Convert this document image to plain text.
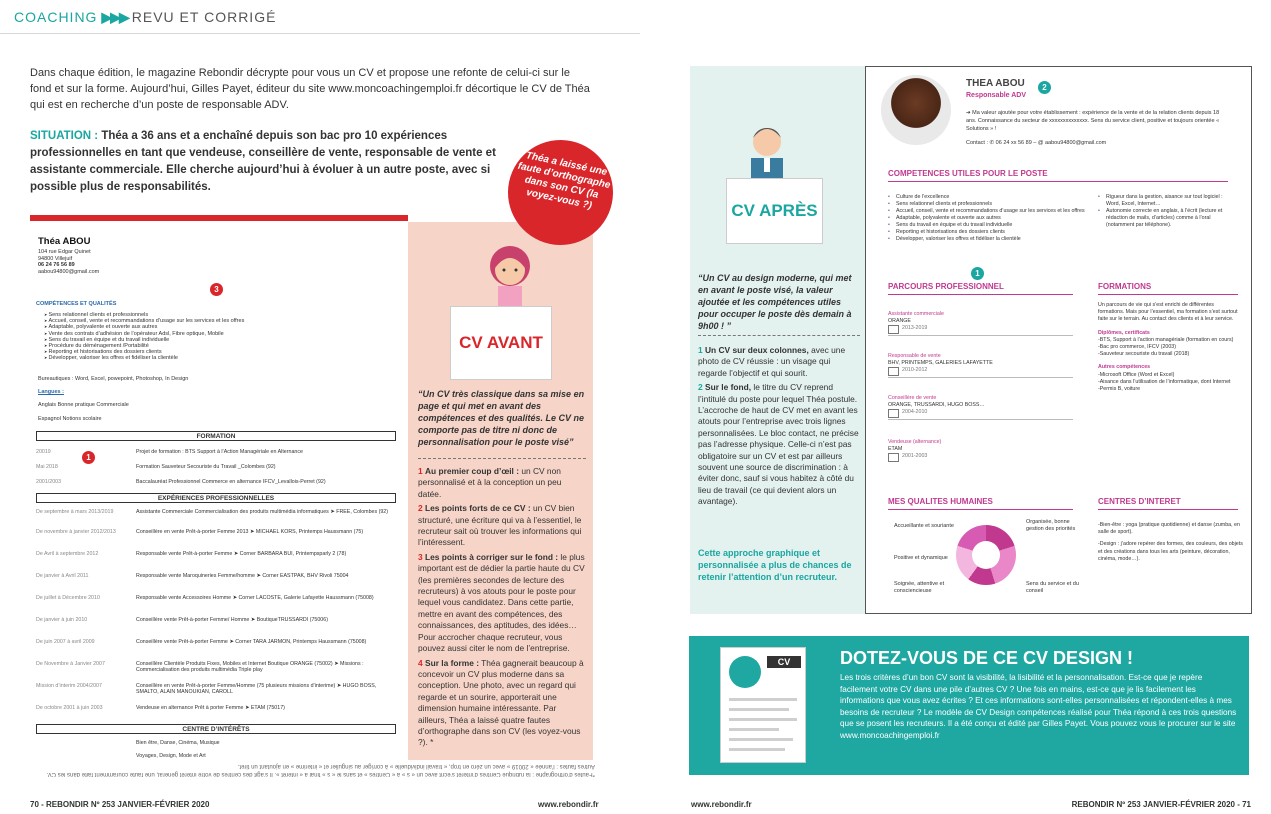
COACHING ▶▶▶ REVU ET CORRIGÉ
Dans chaque édition, le magazine Rebondir décrypte pour vous un CV et propose une refonte de celui-ci sur le fond et sur la forme. Aujourd’hui, Gilles Payet, éditeur du site www.moncoachingemploi.fr décortique le CV de Théa qui est en recherche d’un poste de responsable ADV.
SITUATION : Théa a 36 ans et a enchaîné depuis son bac pro 10 expériences professionnelles en tant que vendeuse, conseillère de vente, responsable de vente et assistante commerciale. Elle cherche aujourd’hui à évoluer à un autre poste, avec si possible plus de responsabilités.
Théa ABOU
104 rue Edgar Quinet
94800 Villejuif
06 24 76 56 89
aabou94800@gmail.com
3
COMPÉTENCES ET QUALITÉS
➤ Sens relationnel clients et professionnels
➤ Accueil, conseil, vente et recommandations d’usage sur les services et les offres
➤ Adaptable, polyvalente et ouverte aux autres
➤ Vente des contrats d’adhésion de l’opérateur Adsl, Fibre optique, Mobile
➤ Sens du travail en équipe et du travail individuelle
➤ Procédure du déménagement /Portabilité
➤ Reporting et historisations des dossiers clients
➤ Développer, valoriser les offres et fidéliser la clientèle
Bureautiques : Word, Excel, powepoint, Photoshop, In Design
Langues :
Anglais Bonne pratique Commerciale
Espagnol Notions scolaire
FORMATION
1
20019	Projet de formation : BTS Support à l’Action Managériale en Alternance
Mai 2018	Formation Sauveteur Secouriste du Travail _Colombes (92)
2001/2003	Baccalauréat Professionnel Commerce en alternance IFCV_Levallois-Perret (92)
EXPÉRIENCES PROFESSIONNELLES
De septembre à mars 2013/2019	Assistante Commerciale Commercialisation des produits multimédia informatiques ➤ FREE, Colombes (92)
De novembre à janvier 2012/2013	Conseillère en vente Prêt-à-porter Femme 2013 ➤ MICHAEL KORS, Printemps Haussmann (75)
De Avril à septembre 2012	Responsable vente Prêt-à-porter Femme ➤ Corner BARBARA BUI, Printempsparly 2 (78)
De janvier à Avril 2011	Responsable vente Maroquineries Femme/homme ➤ Corner EASTPAK, BHV Rivoli 75004
De juillet à Décembre 2010	Responsable vente Accessoires Homme ➤ Corner LACOSTE, Galerie Lafayette Haussmann (75008)
De janvier à juin 2010	Conseillère vente Prêt-à-porter Femme/ Homme ➤ BoutiqueTRUSSARDI (75006)
De juin 2007 à avril 2009	Conseillère vente Prêt-à-porter Femme ➤ Corner TARA JARMON, Printemps Haussmann (75008)
De Novembre à Janvier 2007	Conseillère Clientèle Produits Fixes, Mobiles et Internet Boutique ORANGE (75002) ➤ Missions : Commercialisation des produits multimédia Triple play
Mission d’interim 2004/2007	Conseillère en vente Prêt-à-porter Femme/Homme (75 plusieurs missions d’interime) ➤ HUGO BOSS, SMALTO, ALAIN MANOUKIAN, CAROLL
De octobre 2001 à juin 2003	Vendeuse en alternance Prêt à porter Femme ➤ ETAM (75017)
CENTRE D’INTÉRÊTS
Bien être, Danse, Cinéma, Musique
Voyages, Design, Mode et Art
CV AVANT
“Un CV très classique dans sa mise en page et qui met en avant des compétences et des qualités. Le CV ne comporte pas de titre ni donc de personnalisation pour le poste visé”

1 Au premier coup d’œil : un CV non personnalisé et à la conception un peu datée.

2 Les points forts de ce CV : un CV bien structuré, une écriture qui va à l’essentiel, le recruteur sait où trouver les informations qui l’intéressent.

3 Les points à corriger sur le fond : le plus important est de dédier la partie haute du CV (les premières secondes de lecture des recruteurs) à vos atouts pour le poste pour lequel vous candidatez. Dans cette partie, mettre en avant des compétences, des connaissances, des aptitudes, des idées… Pour accrocher chaque recruteur, vous pouvez aussi citer le nom de l’entreprise.

4 Sur la forme : Théa gagnerait beaucoup à concevoir un CV plus moderne dans sa conception. Une photo, avec un regard qui regarde et un sourire, apporterait une dimension humaine intéressante. Par ailleurs, Théa a laissé quatre fautes d’orthographe dans son CV (les voyez-vous ?). *

Théa a laissé une faute d’orthographe dans son CV (la voyez-vous ?)
*Fautes d’orthographe : la rubrique Centres d’intérêt s’écrit avec un « s » à « Centres » et sans le « s » final à « intérêt ». Il s’agit des centres de votre intérêt général, une faute couramment faite dans les CV. Autres fautes : l’année « 20019 » avec un zéro en trop, « travail individuelle » à corriger au singulier et « interime » en ajoutant un tiret.
70 - REBONDIR Nº 253 JANVIER-FÉVRIER 2020	www.rebondir.fr
CV APRÈS
“Un CV au design moderne, qui met en avant le poste visé, la valeur ajoutée et les compétences utiles pour occuper le poste dès demain à 9h00 ! ”

1 Un CV sur deux colonnes, avec une photo de CV réussie : un visage qui regarde l’objectif et qui sourit.

2 Sur le fond, le titre du CV reprend l’intitulé du poste pour lequel Théa postule. L’accroche de haut de CV met en avant les atouts pour l’entreprise avec trois lignes personnalisées. Le bloc contact, ne précise pas l’adresse physique. Celle-ci n’est pas obligatoire sur un CV et est par ailleurs souvent une source de discrimination : à éviter donc, sauf si vous habitez à côté du lieu de travail (ce qui devient alors un avantage).

Cette approche graphique et personnalisée a plus de chances de retenir l’attention d’un recruteur.
THEA ABOU	2
Responsable ADV
➔ Ma valeur ajoutée pour votre établissement : expérience de la vente et de la relation clients depuis 18 ans. Connaissance du secteur de xxxxxxxxxxxxxx. Sens du service client, positive et toujours orientée « Solutions » !
Contact : ✆ 06 24 xx 56 89 – @ aabou94800@gmail.com
COMPETENCES UTILES POUR LE POSTE
• Culture de l’excellence
• Sens relationnel clients et professionnels
• Accueil, conseil, vente et recommandations d’usage sur les services et les offres
• Adaptable, polyvalente et ouverte aux autres
• Sens du travail en équipe et du travail individuelle
• Reporting et historisations des dossiers clients
• Développer, valoriser les offres et fidéliser la clientèle
• Rigueur dans la gestion, aisance sur tout logiciel : Word, Excel, Internet…
• Autonomie correcte en anglais, à l’écrit (lecture et rédaction de mails, d’articles) comme à l’oral (notamment par téléphone).
1
PARCOURS PROFESSIONNEL
Assistante commerciale
ORANGE
2013-2019
Responsable de vente
BHV, PRINTEMPS, GALERIES LAFAYETTE
2010-2012
Conseillère de vente
ORANGE, TRUSSARDI, HUGO BOSS…
2004-2010
Vendeuse (alternance)
ETAM
2001-2003
FORMATIONS
Un parcours de vie qui s’est enrichi de différentes formations. Mais pour l’essentiel, ma formation s’est surtout faite sur le terrain. Au contact des clients et à leur service.
Diplômes, certificats
-BTS, Support à l’action managériale (formation en cours)
-Bac pro commerce, IFCV (2003)
-Sauveteur secouriste du travail (2018)
Autres compétences
-Microsoft Office (Word et Excel)
-Aisance dans l’utilisation de l’informatique, dont Internet
-Permis B, voiture
MES QUALITES HUMAINES
Accueillante et souriante
Positive et dynamique
Soignée, attentive et consciencieuse
Organisée, bonne gestion des priorités
Sens du service et du conseil
CENTRES D’INTERET
-Bien-être : yoga (pratique quotidienne) et danse (zumba, en salle de sport).
-Design : j’adore repérer des formes, des couleurs, des objets et des créations dans tous les arts (peinture, décoration, cinéma, mode…).
CV	DOTEZ-VOUS DE CE CV DESIGN !
Les trois critères d’un bon CV sont la visibilité, la lisibilité et la personnalisation. Est-ce que je repère facilement votre CV dans une pile d’autres CV ? Une fois en mains, est-ce que je lis facilement les informations que vous avez écrites ? Et ces informations sont-elles personnalisées et répondent-elles à mes besoins de recruteur ? Le modèle de CV Design compétences réalisé pour Théa répond à ces trois questions que se posent les recruteurs. Il a été conçu et édité par Gilles Payet. Vous pouvez vous le procurer sur le site www.moncoachingemploi.fr
www.rebondir.fr	REBONDIR Nº 253 JANVIER-FÉVRIER 2020 - 71
